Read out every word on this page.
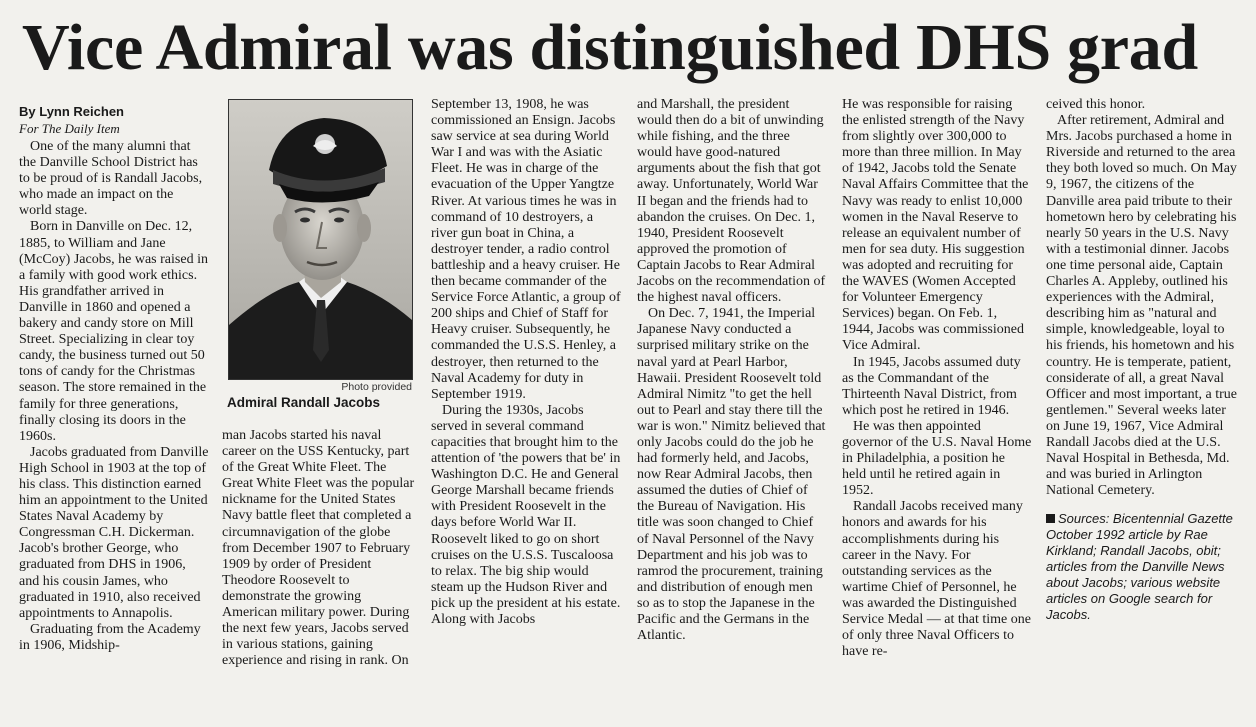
Vice Admiral was distinguished DHS grad
By Lynn Reichen
For The Daily Item

One of the many alumni that the Danville School District has to be proud of is Randall Jacobs, who made an impact on the world stage.

Born in Danville on Dec. 12, 1885, to William and Jane (McCoy) Jacobs, he was raised in a family with good work ethics. His grandfather arrived in Danville in 1860 and opened a bakery and candy store on Mill Street. Specializing in clear toy candy, the business turned out 50 tons of candy for the Christmas season. The store remained in the family for three generations, finally closing its doors in the 1960s.

Jacobs graduated from Danville High School in 1903 at the top of his class. This distinction earned him an appointment to the United States Naval Academy by Congressman C.H. Dickerman. Jacob's brother George, who graduated from DHS in 1906, and his cousin James, who graduated in 1910, also received appointments to Annapolis.

Graduating from the Academy in 1906, Midship-

Photo provided
Admiral Randall Jacobs

man Jacobs started his naval career on the USS Kentucky, part of the Great White Fleet. The Great White Fleet was the popular nickname for the United States Navy battle fleet that completed a circumnavigation of the globe from December 1907 to February 1909 by order of President Theodore Roosevelt to demonstrate the growing American military power. During the next few years, Jacobs served in various stations, gaining experience and rising in rank. On

September 13, 1908, he was commissioned an Ensign. Jacobs saw service at sea during World War I and was with the Asiatic Fleet. He was in charge of the evacuation of the Upper Yangtze River. At various times he was in command of 10 destroyers, a river gun boat in China, a destroyer tender, a radio control battleship and a heavy cruiser. He then became commander of the Service Force Atlantic, a group of 200 ships and Chief of Staff for Heavy cruiser. Subsequently, he commanded the U.S.S. Henley, a destroyer, then returned to the Naval Academy for duty in September 1919.

During the 1930s, Jacobs served in several command capacities that brought him to the attention of 'the powers that be' in Washington D.C. He and General George Marshall became friends with President Roosevelt in the days before World War II. Roosevelt liked to go on short cruises on the U.S.S. Tuscaloosa to relax. The big ship would steam up the Hudson River and pick up the president at his estate. Along with Jacobs

and Marshall, the president would then do a bit of unwinding while fishing, and the three would have good-natured arguments about the fish that got away. Unfortunately, World War II began and the friends had to abandon the cruises. On Dec. 1, 1940, President Roosevelt approved the promotion of Captain Jacobs to Rear Admiral Jacobs on the recommendation of the highest naval officers.

On Dec. 7, 1941, the Imperial Japanese Navy conducted a surprised military strike on the naval yard at Pearl Harbor, Hawaii. President Roosevelt told Admiral Nimitz "to get the hell out to Pearl and stay there till the war is won." Nimitz believed that only Jacobs could do the job he had formerly held, and Jacobs, now Rear Admiral Jacobs, then assumed the duties of Chief of the Bureau of Navigation. His title was soon changed to Chief of Naval Personnel of the Navy Department and his job was to ramrod the procurement, training and distribution of enough men so as to stop the Japanese in the Pacific and the Germans in the Atlantic.

He was responsible for raising the enlisted strength of the Navy from slightly over 300,000 to more than three million. In May of 1942, Jacobs told the Senate Naval Affairs Committee that the Navy was ready to enlist 10,000 women in the Naval Reserve to release an equivalent number of men for sea duty. His suggestion was adopted and recruiting for the WAVES (Women Accepted for Volunteer Emergency Services) began. On Feb. 1, 1944, Jacobs was commissioned Vice Admiral.

In 1945, Jacobs assumed duty as the Commandant of the Thirteenth Naval District, from which post he retired in 1946.

He was then appointed governor of the U.S. Naval Home in Philadelphia, a position he held until he retired again in 1952.

Randall Jacobs received many honors and awards for his accomplishments during his career in the Navy. For outstanding services as the wartime Chief of Personnel, he was awarded the Distinguished Service Medal — at that time one of only three Naval Officers to have re-

ceived this honor.

After retirement, Admiral and Mrs. Jacobs purchased a home in Riverside and returned to the area they both loved so much. On May 9, 1967, the citizens of the Danville area paid tribute to their hometown hero by celebrating his nearly 50 years in the U.S. Navy with a testimonial dinner. Jacobs one time personal aide, Captain Charles A. Appleby, outlined his experiences with the Admiral, describing him as "natural and simple, knowledgeable, loyal to his friends, his hometown and his country. He is temperate, patient, considerate of all, a great Naval Officer and most important, a true gentlemen." Several weeks later on June 19, 1967, Vice Admiral Randall Jacobs died at the U.S. Naval Hospital in Bethesda, Md. and was buried in Arlington National Cemetery.

Sources: Bicentennial Gazette October 1992 article by Rae Kirkland; Randall Jacobs, obit; articles from the Danville News about Jacobs; various website articles on Google search for Jacobs.
